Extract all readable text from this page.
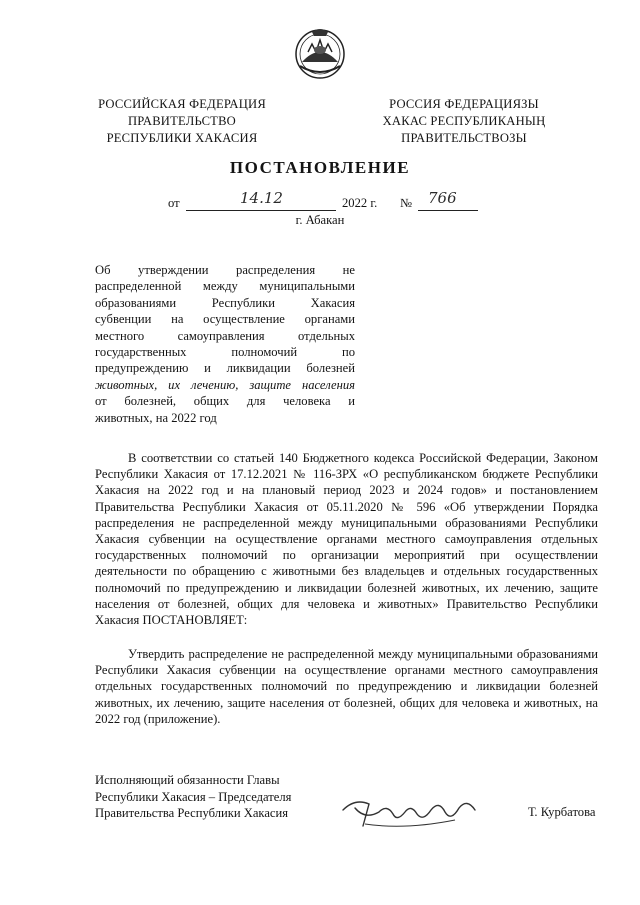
РОССИЙСКАЯ ФЕДЕРАЦИЯ
ПРАВИТЕЛЬСТВО
РЕСПУБЛИКИ ХАКАСИЯ
РОССИЯ ФЕДЕРАЦИЯЗЫ
ХАКАС РЕСПУБЛИКАНЫҢ
ПРАВИТЕЛЬСТВОЗЫ
ПОСТАНОВЛЕНИЕ
от	14.12	2022 г. № 766
г. Абакан
Об утверждении распределения не
распределенной между муниципальными
образованиями Республики Хакасия
субвенции на осуществление органами
местного самоуправления отдельных
государственных полномочий по
предупреждению и ликвидации болезней
животных, их лечению, защите населения
от болезней, общих для человека и
животных, на 2022 год
В соответствии со статьей 140 Бюджетного кодекса Российской Федерации, Законом Республики Хакасия от 17.12.2021 № 116-ЗРХ «О республиканском бюджете Республики Хакасия на 2022 год и на плановый период 2023 и 2024 годов» и постановлением Правительства Республики Хакасия от 05.11.2020 № 596 «Об утверждении Порядка распределения не распределенной между муниципальными образованиями Республики Хакасия субвенции на осуществление органами местного самоуправления отдельных государственных полномочий по организации мероприятий при осуществлении деятельности по обращению с животными без владельцев и отдельных государственных полномочий по предупреждению и ликвидации болезней животных, их лечению, защите населения от болезней, общих для человека и животных» Правительство Республики Хакасия ПОСТАНОВЛЯЕТ:
Утвердить распределение не распределенной между муниципальными образованиями Республики Хакасия субвенции на осуществление органами местного самоуправления отдельных государственных полномочий по предупреждению и ликвидации болезней животных, их лечению, защите населения от болезней, общих для человека и животных, на 2022 год (приложение).
Исполняющий обязанности Главы
Республики Хакасия – Председателя
Правительства Республики Хакасия	Т. Курбатова
